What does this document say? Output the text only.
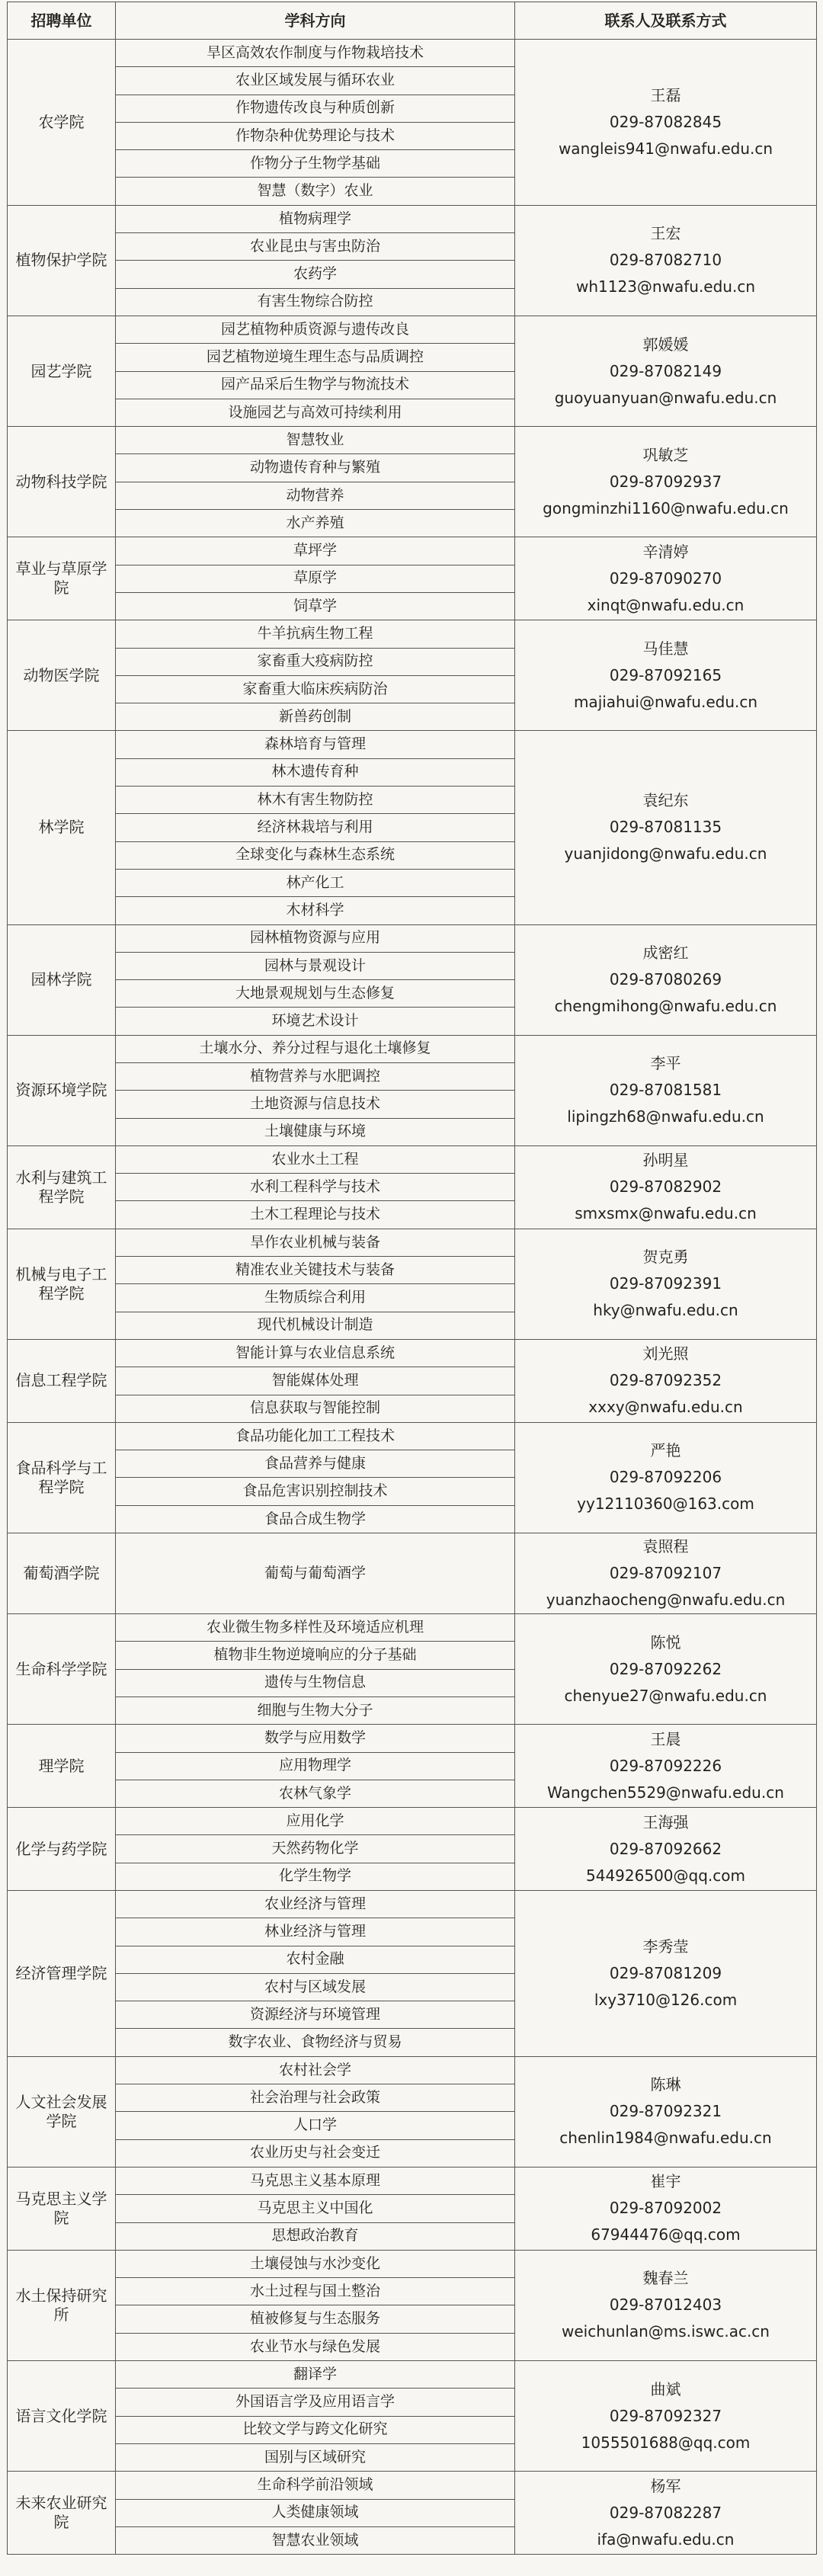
招聘单位	学科方向	联系人及联系方式
农学院	旱区高效农作制度与作物栽培技术	王磊
029-87082845
wangleis941@nwafu.edu.cn

	农业区域发展与循环农业	
	作物遗传改良与种质创新	
	作物杂种优势理论与技术	
	作物分子生物学基础	
	智慧（数字）农业	
植物保护学院	植物病理学	王宏
029-87082710
wh1123@nwafu.edu.cn

	农业昆虫与害虫防治	
	农药学	
	有害生物综合防控	
园艺学院	园艺植物种质资源与遗传改良	郭媛媛
029-87082149
guoyuanyuan@nwafu.edu.cn

	园艺植物逆境生理生态与品质调控	
	园产品采后生物学与物流技术	
	设施园艺与高效可持续利用	
动物科技学院	智慧牧业	巩敏芝
029-87092937
gongminzhi1160@nwafu.edu.cn

	动物遗传育种与繁殖	
	动物营养	
	水产养殖	
草业与草原学院	草坪学	辛清婷
029-87090270
xinqt@nwafu.edu.cn

	草原学	
	饲草学	
动物医学院	牛羊抗病生物工程	马佳慧
029-87092165
majiahui@nwafu.edu.cn

	家畜重大疫病防控	
	家畜重大临床疾病防治	
	新兽药创制	
林学院	森林培育与管理	袁纪东
029-87081135
yuanjidong@nwafu.edu.cn

	林木遗传育种	
	林木有害生物防控	
	经济林栽培与利用	
	全球变化与森林生态系统	
	林产化工	
	木材科学	
园林学院	园林植物资源与应用	成密红
029-87080269
chengmihong@nwafu.edu.cn

	园林与景观设计	
	大地景观规划与生态修复	
	环境艺术设计	
资源环境学院	土壤水分、养分过程与退化土壤修复	李平
029-87081581
lipingzh68@nwafu.edu.cn

	植物营养与水肥调控	
	土地资源与信息技术	
	土壤健康与环境	
水利与建筑工程学院	农业水土工程	孙明星
029-87082902
smxsmx@nwafu.edu.cn

	水利工程科学与技术	
	土木工程理论与技术	
机械与电子工程学院	旱作农业机械与装备	贺克勇
029-87092391
hky@nwafu.edu.cn

	精准农业关键技术与装备	
	生物质综合利用	
	现代机械设计制造	
信息工程学院	智能计算与农业信息系统	刘光照
029-87092352
xxxy@nwafu.edu.cn

	智能媒体处理	
	信息获取与智能控制	
食品科学与工程学院	食品功能化加工工程技术	严艳
029-87092206
yy12110360@163.com

	食品营养与健康	
	食品危害识别控制技术	
	食品合成生物学	
葡萄酒学院	葡萄与葡萄酒学	袁照程
029-87092107
yuanzhaocheng@nwafu.edu.cn

生命科学学院	农业微生物多样性及环境适应机理	陈悦
029-87092262
chenyue27@nwafu.edu.cn

	植物非生物逆境响应的分子基础	
	遗传与生物信息	
	细胞与生物大分子	
理学院	数学与应用数学	王晨
029-87092226
Wangchen5529@nwafu.edu.cn

	应用物理学	
	农林气象学	
化学与药学院	应用化学	王海强
029-87092662
544926500@qq.com

	天然药物化学	
	化学生物学	
经济管理学院	农业经济与管理	李秀莹
029-87081209
lxy3710@126.com

	林业经济与管理	
	农村金融	
	农村与区域发展	
	资源经济与环境管理	
	数字农业、食物经济与贸易	
人文社会发展学院	农村社会学	陈琳
029-87092321
chenlin1984@nwafu.edu.cn

	社会治理与社会政策	
	人口学	
	农业历史与社会变迁	
马克思主义学院	马克思主义基本原理	崔宇
029-87092002
67944476@qq.com

	马克思主义中国化	
	思想政治教育	
水土保持研究所	土壤侵蚀与水沙变化	魏春兰
029-87012403
weichunlan@ms.iswc.ac.cn

	水土过程与国土整治	
	植被修复与生态服务	
	农业节水与绿色发展	
语言文化学院	翻译学	曲斌
029-87092327
1055501688@qq.com

	外国语言学及应用语言学	
	比较文学与跨文化研究	
	国别与区域研究	
未来农业研究院	生命科学前沿领域	杨军
029-87082287
ifa@nwafu.edu.cn

	人类健康领域	
	智慧农业领域	
